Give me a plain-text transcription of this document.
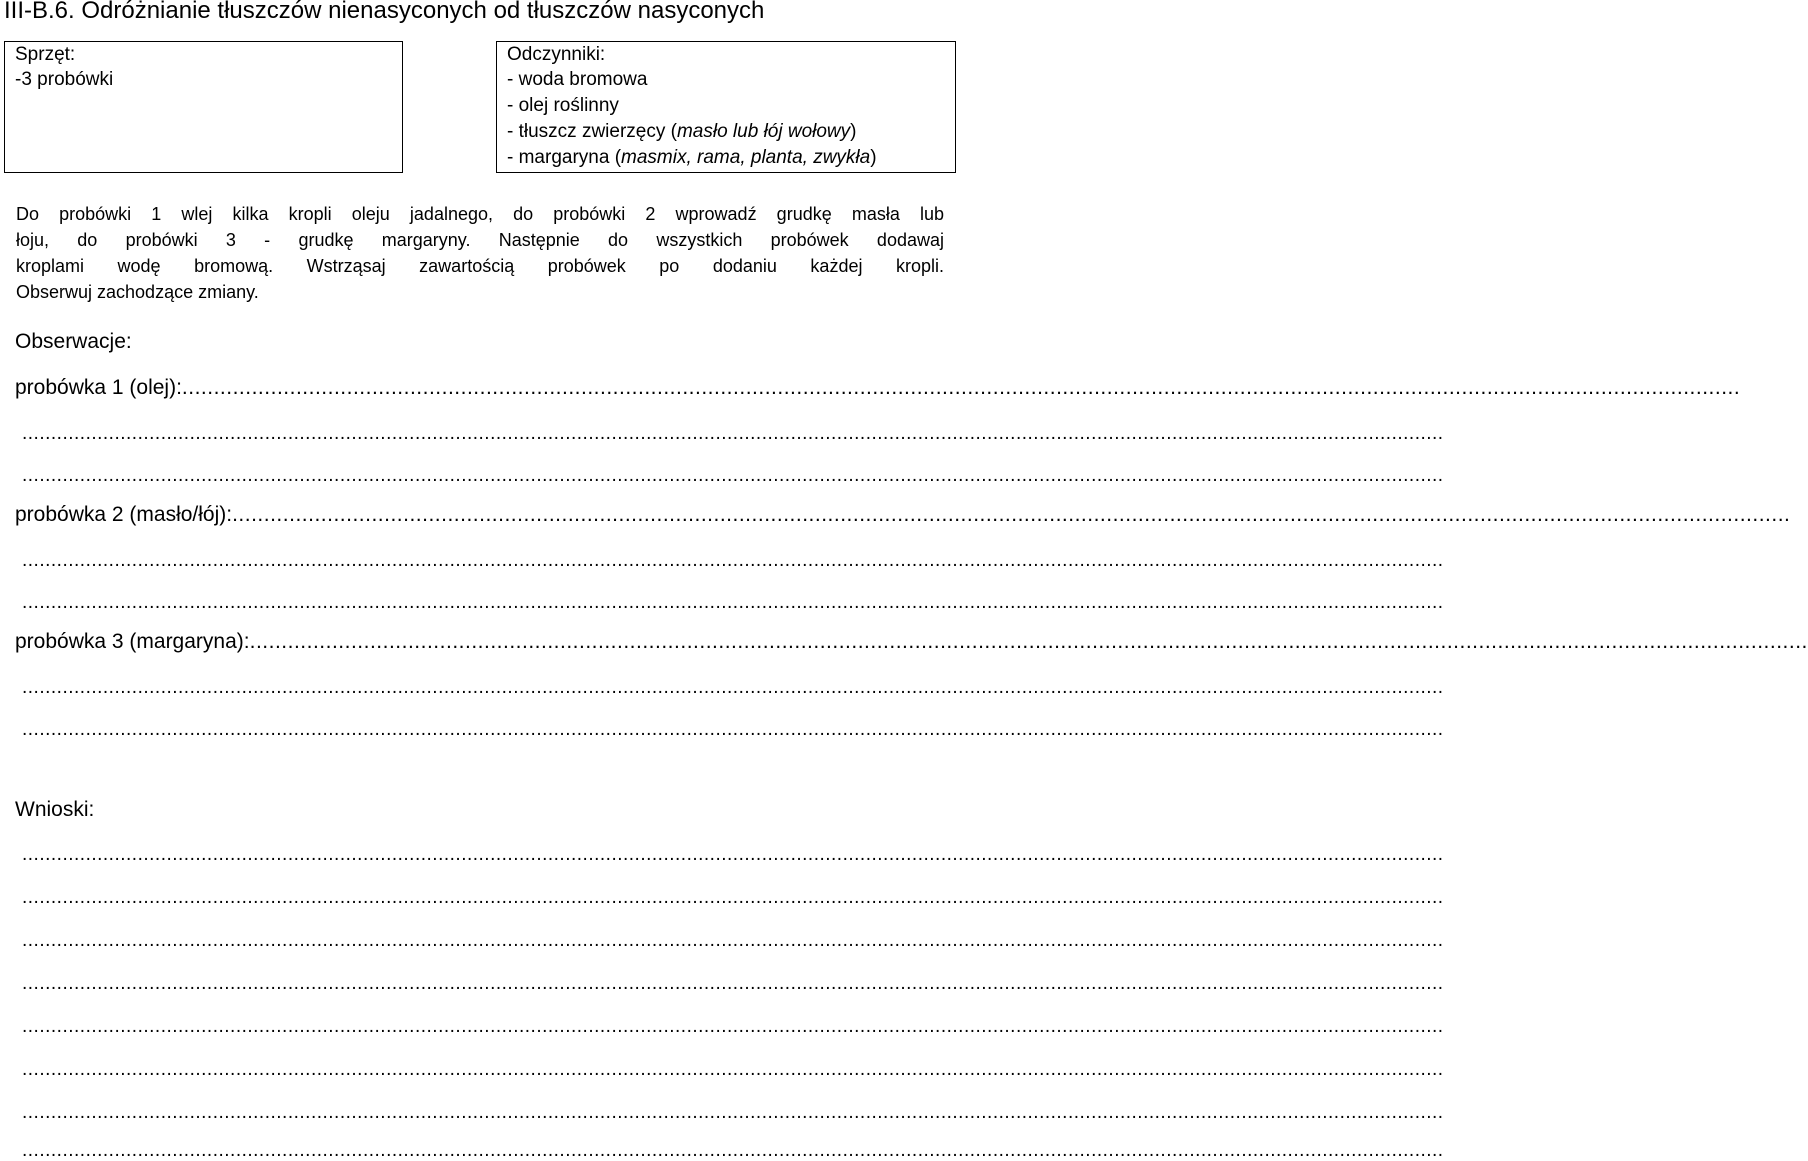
III-B.6. Odróżnianie tłuszczów nienasyconych od tłuszczów nasyconych
Sprzęt:
-3 probówki
Odczynniki:
- woda bromowa
- olej roślinny
- tłuszcz zwierzęcy (masło lub łój wołowy)
- margaryna (masmix, rama, planta, zwykła)
Do probówki 1 wlej kilka kropli oleju jadalnego, do probówki 2 wprowadź grudkę masła lub
łoju, do probówki 3 - grudkę margaryny. Następnie do wszystkich probówek dodawaj
kroplami wodę bromową. Wstrząsaj zawartością probówek po dodaniu każdej kropli.
Obserwuj zachodzące zmiany.
Obserwacje:
probówka 1 (olej): ......................................................................................................................................................................................................................................................
......................................................................................................................................................................................................................................................
......................................................................................................................................................................................................................................................
probówka 2 (masło/łój): ......................................................................................................................................................................................................................................................
......................................................................................................................................................................................................................................................
......................................................................................................................................................................................................................................................
probówka 3 (margaryna): ......................................................................................................................................................................................................................................................
......................................................................................................................................................................................................................................................
......................................................................................................................................................................................................................................................
Wnioski:
......................................................................................................................................................................................................................................................
......................................................................................................................................................................................................................................................
......................................................................................................................................................................................................................................................
......................................................................................................................................................................................................................................................
......................................................................................................................................................................................................................................................
......................................................................................................................................................................................................................................................
......................................................................................................................................................................................................................................................
......................................................................................................................................................................................................................................................
